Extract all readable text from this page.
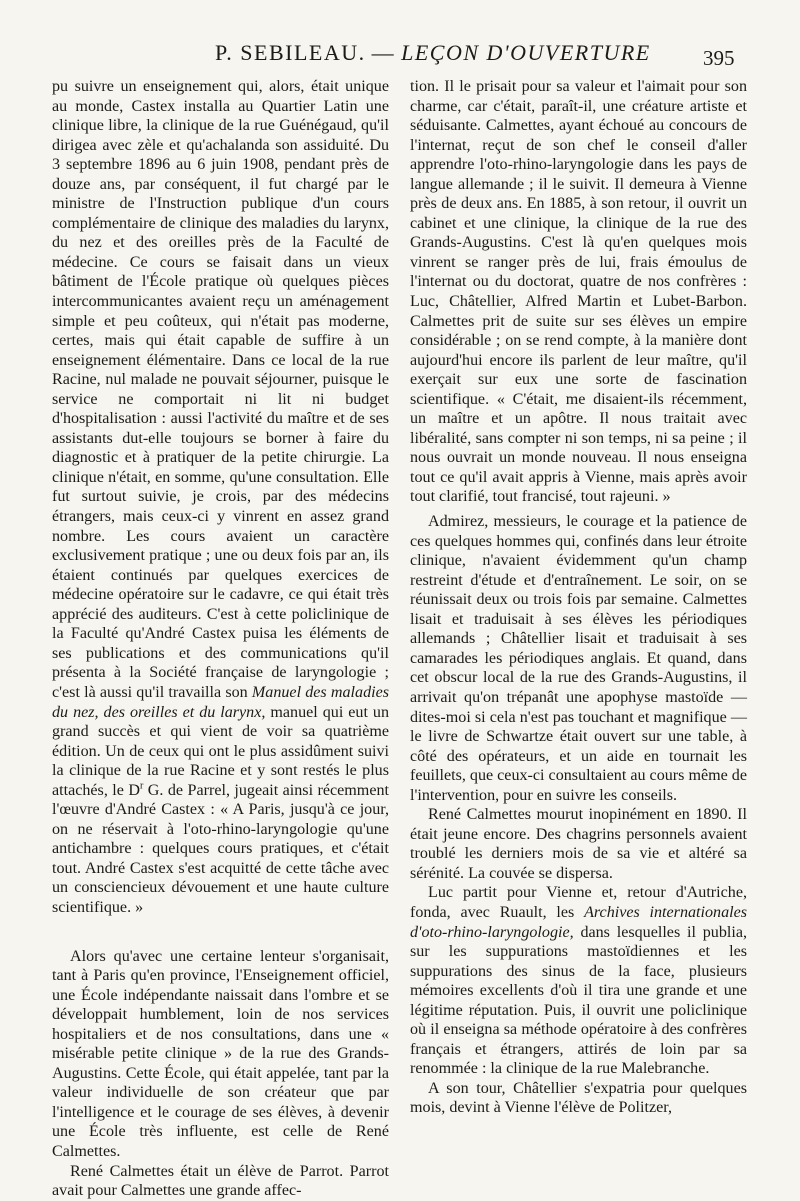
P. SEBILEAU. — LEÇON D'OUVERTURE 395

pu suivre un enseignement qui, alors, était unique au monde, Castex installa au Quartier Latin une clinique libre, la clinique de la rue Guénégaud, qu'il dirigea avec zèle et qu'achalanda son assiduité. Du 3 septembre 1896 au 6 juin 1908, pendant près de douze ans, par conséquent, il fut chargé par le ministre de l'Instruction publique d'un cours complémentaire de clinique des maladies du larynx, du nez et des oreilles près de la Faculté de médecine. Ce cours se faisait dans un vieux bâtiment de l'École pratique où quelques pièces intercommunicantes avaient reçu un aménagement simple et peu coûteux, qui n'était pas moderne, certes, mais qui était capable de suffire à un enseignement élémentaire. Dans ce local de la rue Racine, nul malade ne pouvait séjourner, puisque le service ne comportait ni lit ni budget d'hospitalisation : aussi l'activité du maître et de ses assistants dut-elle toujours se borner à faire du diagnostic et à pratiquer de la petite chirurgie. La clinique n'était, en somme, qu'une consultation. Elle fut surtout suivie, je crois, par des médecins étrangers, mais ceux-ci y vinrent en assez grand nombre. Les cours avaient un caractère exclusivement pratique ; une ou deux fois par an, ils étaient continués par quelques exercices de médecine opératoire sur le cadavre, ce qui était très apprécié des auditeurs. C'est à cette policlinique de la Faculté qu'André Castex puisa les éléments de ses publications et des communications qu'il présenta à la Société française de laryngologie ; c'est là aussi qu'il travailla son Manuel des maladies du nez, des oreilles et du larynx, manuel qui eut un grand succès et qui vient de voir sa quatrième édition. Un de ceux qui ont le plus assidûment suivi la clinique de la rue Racine et y sont restés le plus attachés, le $D^r$ G. de Parrel, jugeait ainsi récemment l'œuvre d'André Castex : « A Paris, jusqu'à ce jour, on ne réservait à l'oto-rhino-laryngologie qu'une antichambre : quelques cours pratiques, et c'était tout. André Castex s'est acquitté de cette tâche avec un consciencieux dévouement et une haute culture scientifique. »

Alors qu'avec une certaine lenteur s'organisait, tant à Paris qu'en province, l'Enseignement officiel, une École indépendante naissait dans l'ombre et se développait humblement, loin de nos services hospitaliers et de nos consultations, dans une « misérable petite clinique » de la rue des Grands-Augustins. Cette École, qui était appelée, tant par la valeur individuelle de son créateur que par l'intelligence et le courage de ses élèves, à devenir une École très influente, est celle de René Calmettes.

René Calmettes était un élève de Parrot. Parrot avait pour Calmettes une grande affec-

tion. Il le prisait pour sa valeur et l'aimait pour son charme, car c'était, paraît-il, une créature artiste et séduisante. Calmettes, ayant échoué au concours de l'internat, reçut de son chef le conseil d'aller apprendre l'oto-rhino-laryngologie dans les pays de langue allemande ; il le suivit. Il demeura à Vienne près de deux ans. En 1885, à son retour, il ouvrit un cabinet et une clinique, la clinique de la rue des Grands-Augustins. C'est là qu'en quelques mois vinrent se ranger près de lui, frais émoulus de l'internat ou du doctorat, quatre de nos confrères : Luc, Châtellier, Alfred Martin et Lubet-Barbon. Calmettes prit de suite sur ses élèves un empire considérable ; on se rend compte, à la manière dont aujourd'hui encore ils parlent de leur maître, qu'il exerçait sur eux une sorte de fascination scientifique. « C'était, me disaient-ils récemment, un maître et un apôtre. Il nous traitait avec libéralité, sans compter ni son temps, ni sa peine ; il nous ouvrait un monde nouveau. Il nous enseigna tout ce qu'il avait appris à Vienne, mais après avoir tout clarifié, tout francisé, tout rajeuni. »

Admirez, messieurs, le courage et la patience de ces quelques hommes qui, confinés dans leur étroite clinique, n'avaient évidemment qu'un champ restreint d'étude et d'entraînement. Le soir, on se réunissait deux ou trois fois par semaine. Calmettes lisait et traduisait à ses élèves les périodiques allemands ; Châtellier lisait et traduisait à ses camarades les périodiques anglais. Et quand, dans cet obscur local de la rue des Grands-Augustins, il arrivait qu'on trépanât une apophyse mastoïde — dites-moi si cela n'est pas touchant et magnifique — le livre de Schwartze était ouvert sur une table, à côté des opérateurs, et un aide en tournait les feuillets, que ceux-ci consultaient au cours même de l'intervention, pour en suivre les conseils.

René Calmettes mourut inopinément en 1890. Il était jeune encore. Des chagrins personnels avaient troublé les derniers mois de sa vie et altéré sa sérénité. La couvée se dispersa.

Luc partit pour Vienne et, retour d'Autriche, fonda, avec Ruault, les Archives internationales d'oto-rhino-laryngologie, dans lesquelles il publia, sur les suppurations mastoïdiennes et les suppurations des sinus de la face, plusieurs mémoires excellents d'où il tira une grande et une légitime réputation. Puis, il ouvrit une policlinique où il enseigna sa méthode opératoire à des confrères français et étrangers, attirés de loin par sa renommée : la clinique de la rue Malebranche.

A son tour, Châtellier s'expatria pour quelques mois, devint à Vienne l'élève de Politzer,
